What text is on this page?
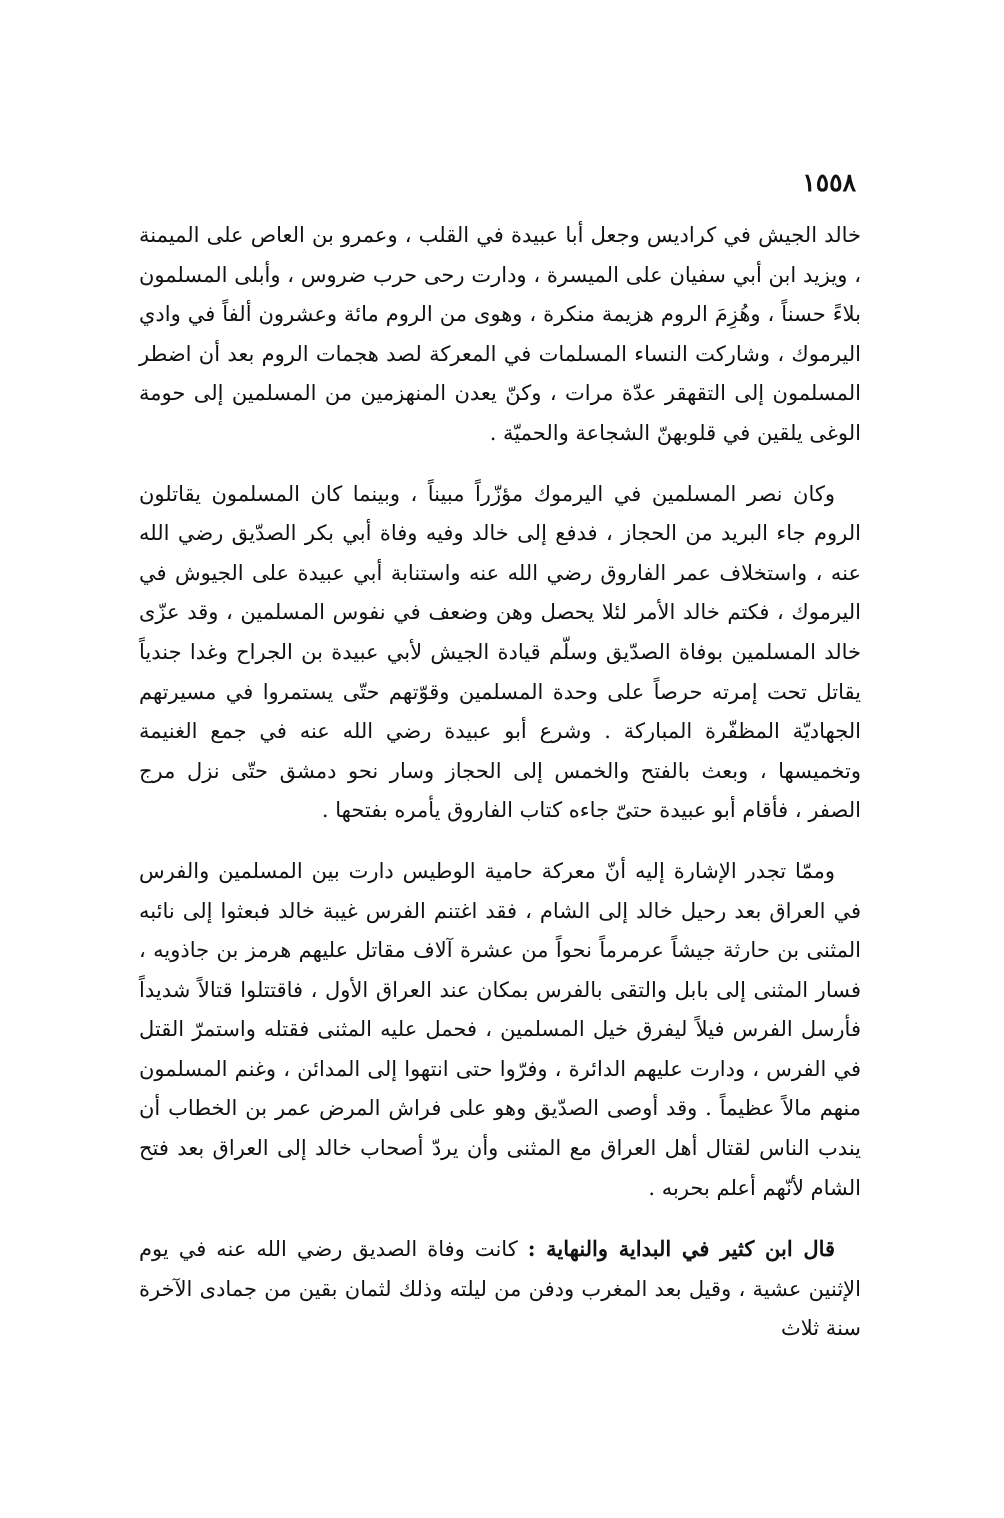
١٥٥٨

خالد الجيش في كراديس وجعل أبا عبيدة في القلب ، وعمرو بن العاص على الميمنة ، ويزيد ابن أبي سفيان على الميسرة ، ودارت رحى حرب ضروس ، وأبلى المسلمون بلاءً حسناً ، وهُزِمَ الروم هزيمة منكرة ، وهوى من الروم مائة وعشرون ألفاً في وادي اليرموك ، وشاركت النساء المسلمات في المعركة لصد هجمات الروم بعد أن اضطر المسلمون إلى التقهقر عدّة مرات ، وكنّ يعدن المنهزمين من المسلمين إلى حومة الوغى يلقين في قلوبهنّ الشجاعة والحميّة .

وكان نصر المسلمين في اليرموك مؤزّراً مبيناً ، وبينما كان المسلمون يقاتلون الروم جاء البريد من الحجاز ، فدفع إلى خالد وفيه وفاة أبي بكر الصدّيق رضي الله عنه ، واستخلاف عمر الفاروق رضي الله عنه واستنابة أبي عبيدة على الجيوش في اليرموك ، فكتم خالد الأمر لئلا يحصل وهن وضعف في نفوس المسلمين ، وقد عزّى خالد المسلمين بوفاة الصدّيق وسلّم قيادة الجيش لأبي عبيدة بن الجراح وغدا جندياً يقاتل تحت إمرته حرصاً على وحدة المسلمين وقوّتهم حتّى يستمروا في مسيرتهم الجهاديّة المظفّرة المباركة . وشرع أبو عبيدة رضي الله عنه في جمع الغنيمة وتخميسها ، وبعث بالفتح والخمس إلى الحجاز وسار نحو دمشق حتّى نزل مرج الصفر ، فأقام أبو عبيدة حتىّ جاءه كتاب الفاروق يأمره بفتحها .

وممّا تجدر الإشارة إليه أنّ معركة حامية الوطيس دارت بين المسلمين والفرس في العراق بعد رحيل خالد إلى الشام ، فقد اغتنم الفرس غيبة خالد فبعثوا إلى نائبه المثنى بن حارثة جيشاً عرمرماً نحواً من عشرة آلاف مقاتل عليهم هرمز بن جاذويه ، فسار المثنى إلى بابل والتقى بالفرس بمكان عند العراق الأول ، فاقتتلوا قتالاً شديداً فأرسل الفرس فيلاً ليفرق خيل المسلمين ، فحمل عليه المثنى فقتله واستمرّ القتل في الفرس ، ودارت عليهم الدائرة ، وفرّوا حتى انتهوا إلى المدائن ، وغنم المسلمون منهم مالاً عظيماً . وقد أوصى الصدّيق وهو على فراش المرض عمر بن الخطاب أن يندب الناس لقتال أهل العراق مع المثنى وأن يردّ أصحاب خالد إلى العراق بعد فتح الشام لأنّهم أعلم بحربه .

قال ابن كثير في البداية والنهاية : كانت وفاة الصديق رضي الله عنه في يوم الإثنين عشية ، وقيل بعد المغرب ودفن من ليلته وذلك لثمان بقين من جمادى الآخرة سنة ثلاث
